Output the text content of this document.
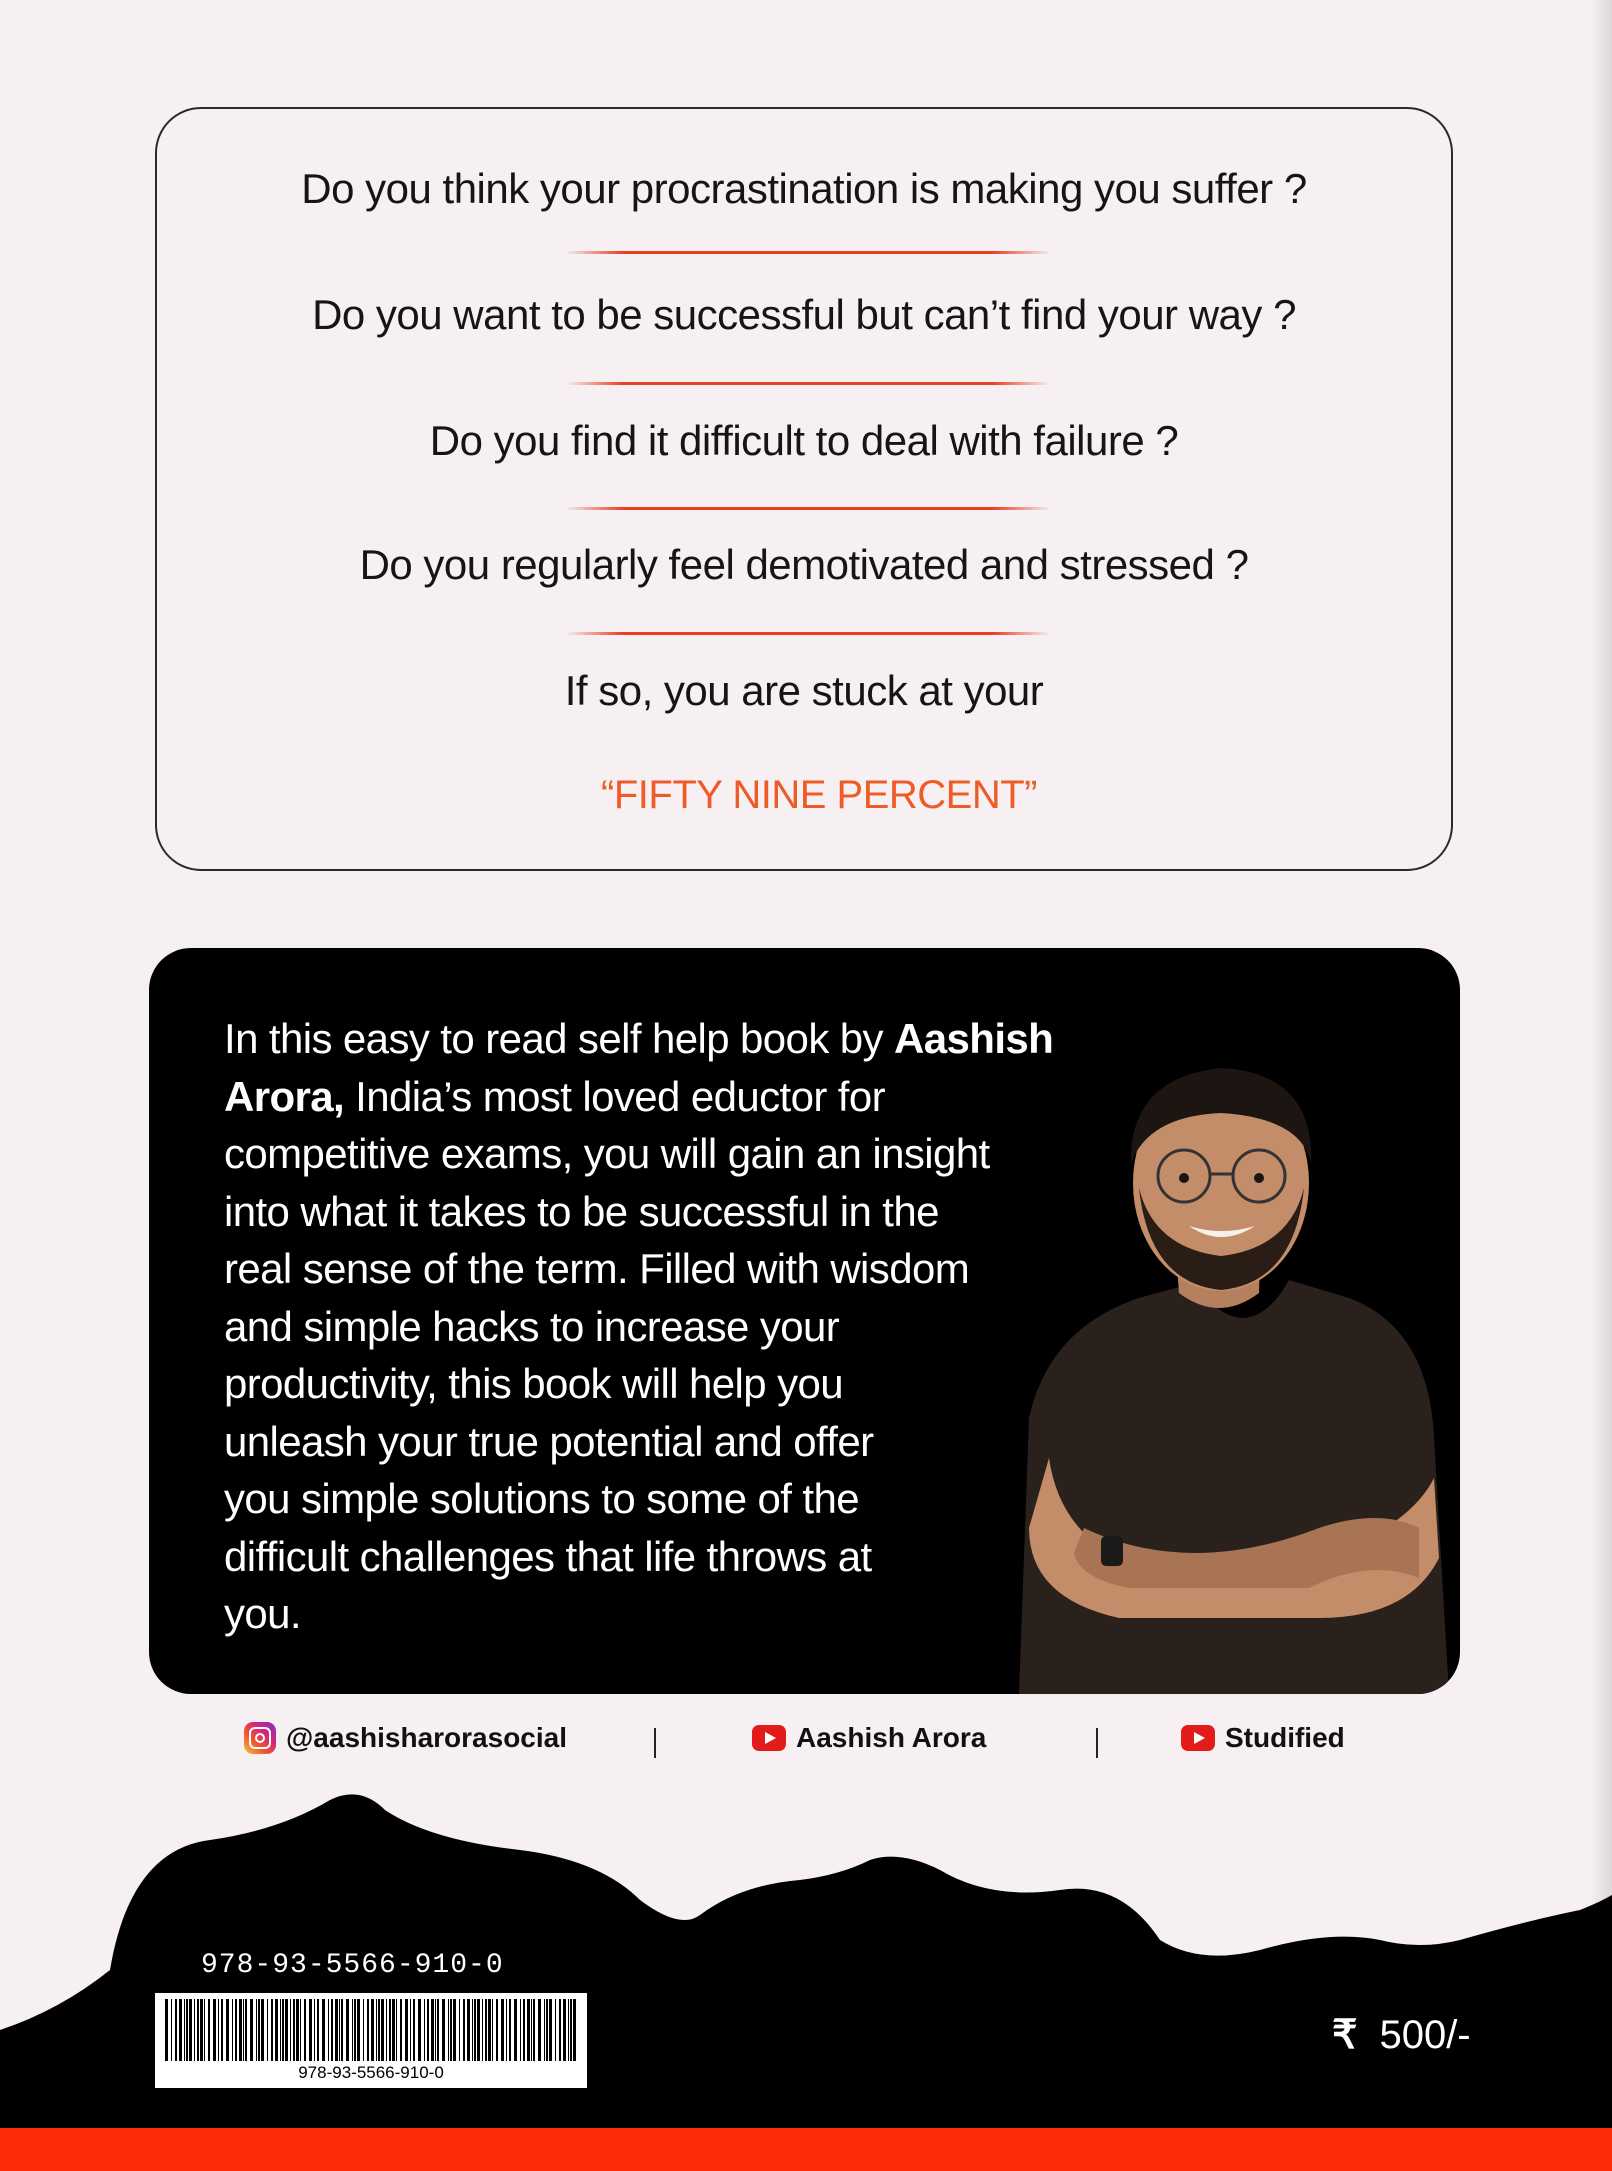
Do you think your procrastination is making you suffer ?
Do you want to be successful but can’t find your way ?
Do you find it difficult to deal with failure ?
Do you regularly feel demotivated and stressed ?
If so, you are stuck at your
“FIFTY NINE PERCENT”

In this easy to read self help book by Aashish
Arora, India’s most loved eductor for
competitive exams, you will gain an insight
into what it takes to be successful in the
real sense of the term. Filled with wisdom
and simple hacks to increase your
productivity, this book will help you
unleash your true potential and offer
you simple solutions to some of the
difficult challenges that life throws at
you.

@aashisharorasocial	Aashish Arora	Studified
978-93-5566-910-0
978-93-5566-910-0
₹ 500/-
